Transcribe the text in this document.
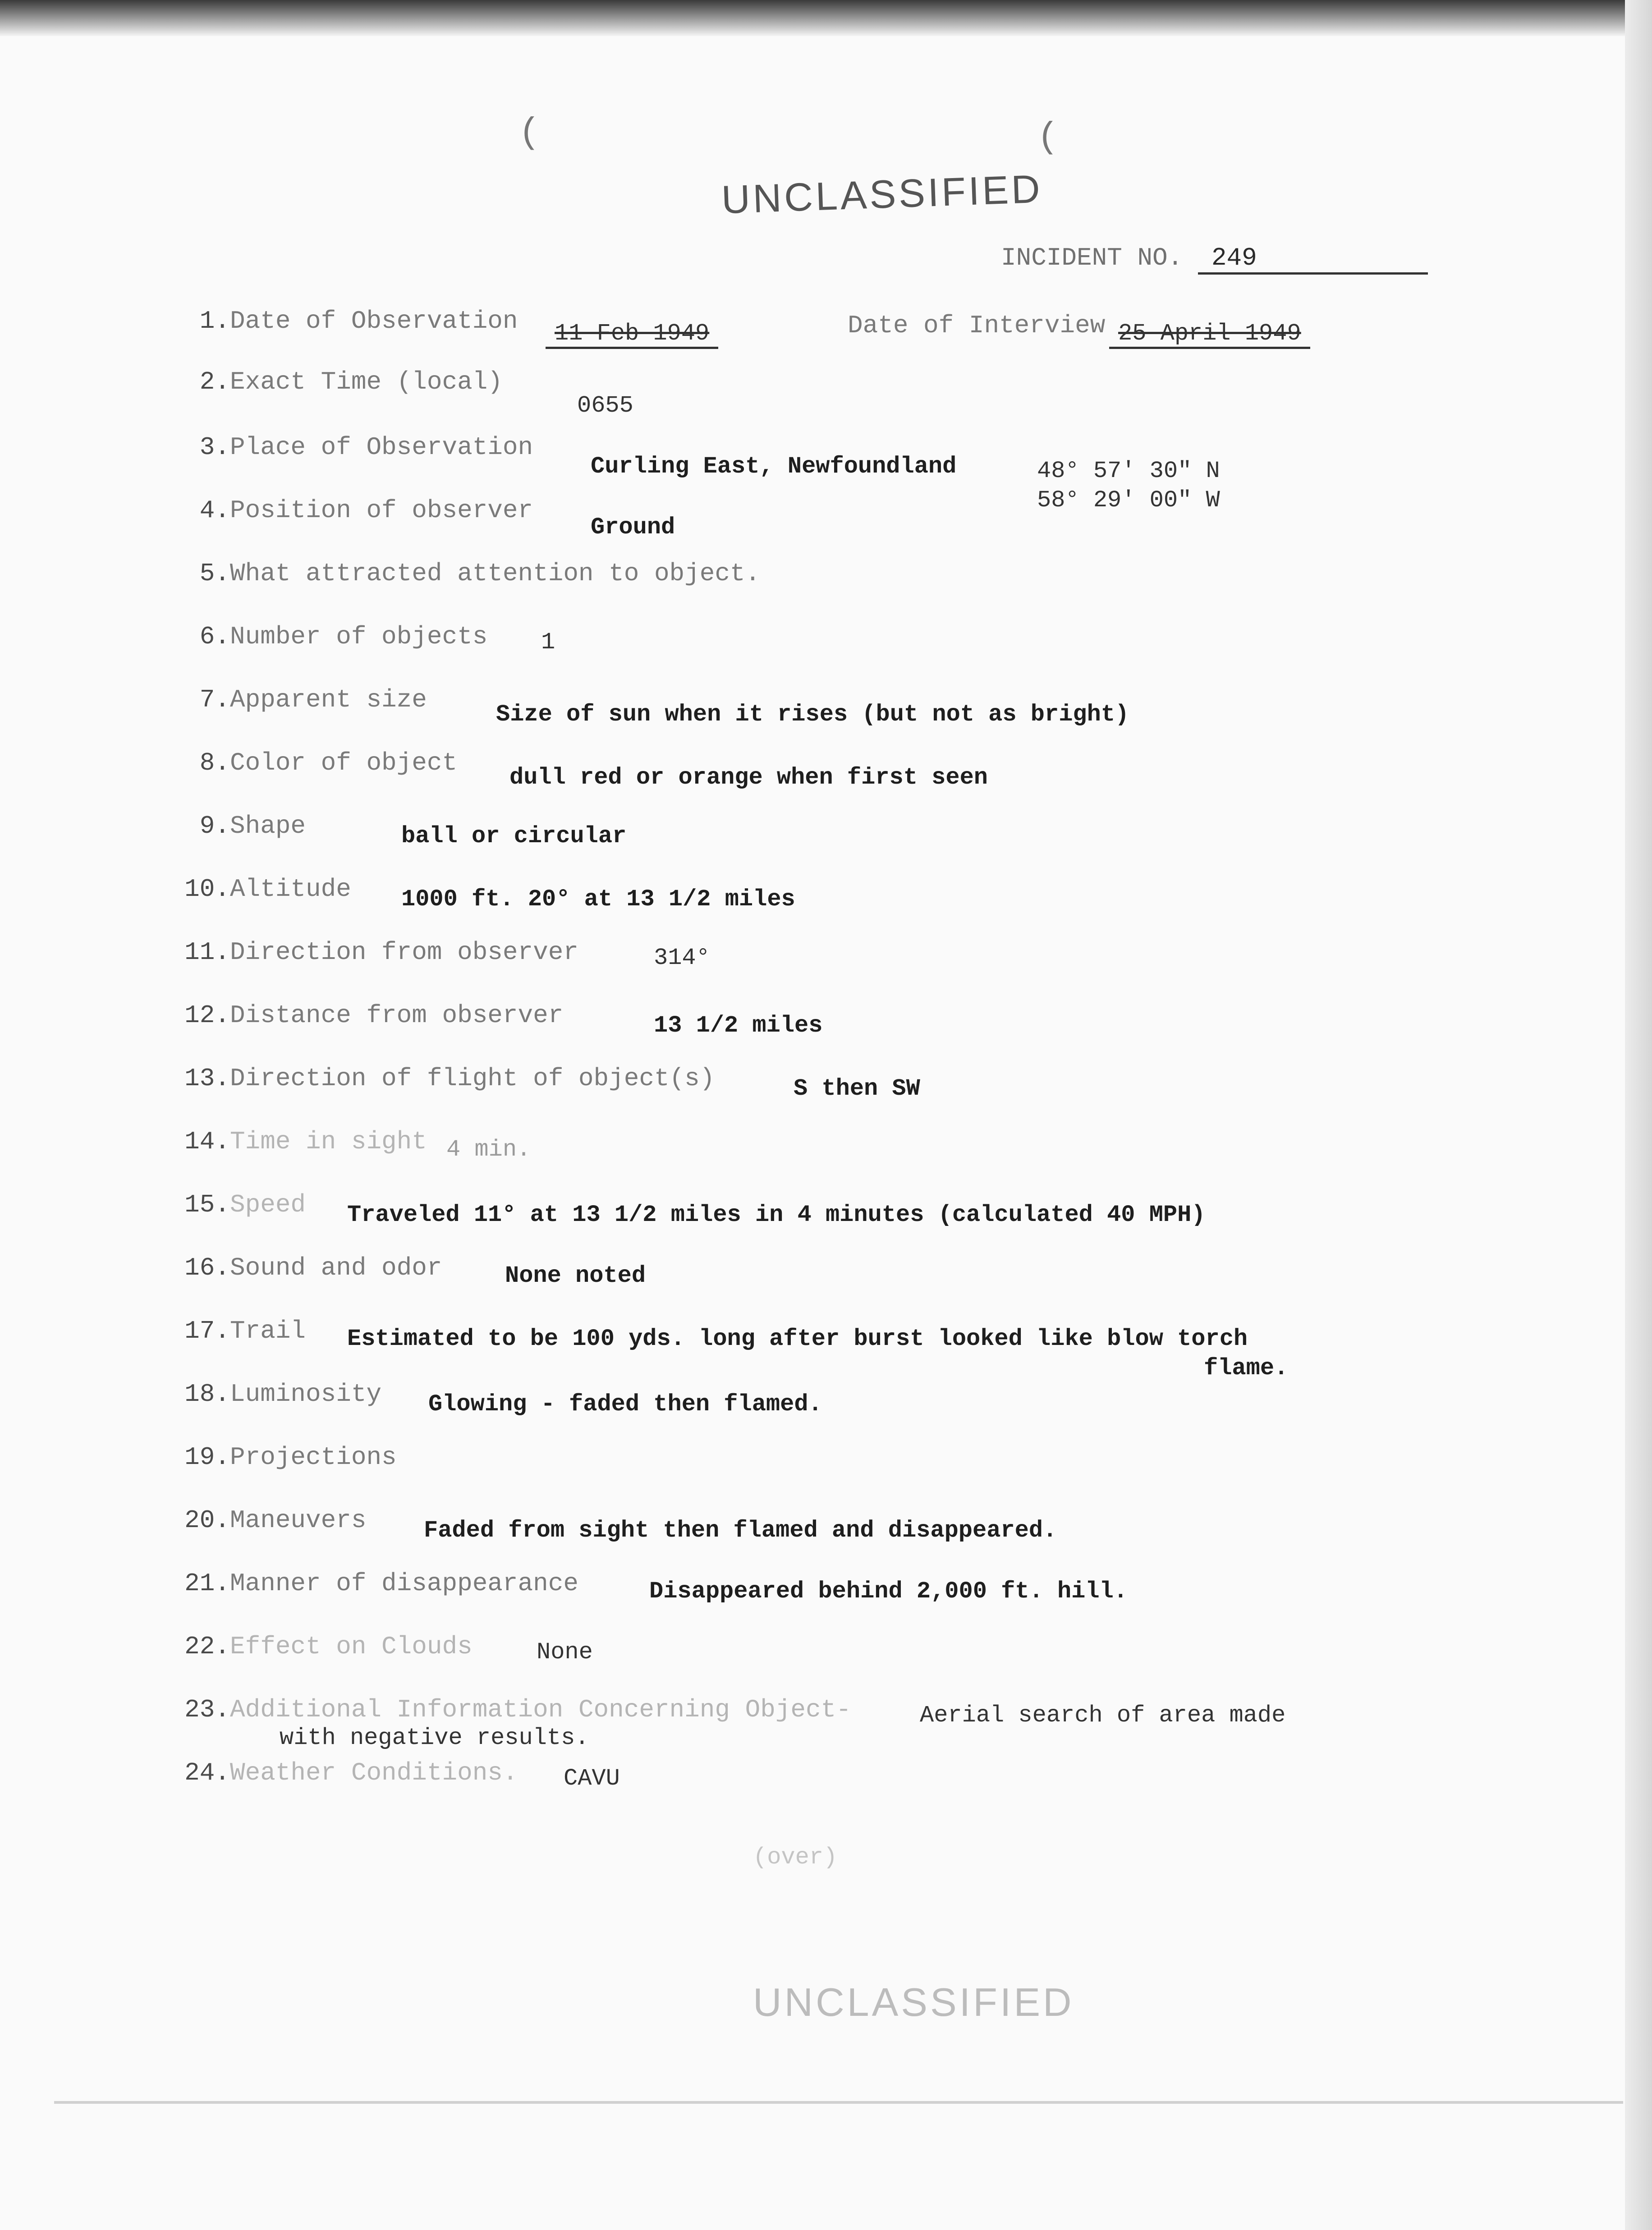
(	(
UNCLASSIFIED
INCIDENT NO. 249
1. Date of Observation	11 Feb 1949	Date of Interview 25 April 1949
2. Exact Time (local)
0655
3. Place of Observation
Curling East, Newfoundland	48° 57' 30" N
58° 29' 00" W
4. Position of observer
Ground
5. What attracted attention to object.
6. Number of objects 1
7. Apparent size
Size of sun when it rises (but not as bright)
8. Color of object
dull red or orange when first seen
9. Shape	ball or circular
10. Altitude 1000 ft. 20° at 13 1/2 miles
11. Direction from observer	314°
12. Distance from observer	13 1/2 miles
13. Direction of flight of object(s)	S then SW
14. Time in sight 4 min.
15. Speed Traveled 11° at 13 1/2 miles in 4 minutes (calculated 40 MPH)
16. Sound and odor	None noted
17. Trail Estimated to be 100 yds. long after burst looked like blow torch
flame.
18. Luminosity Glowing - faded then flamed.
19. Projections
20. Maneuvers Faded from sight then flamed and disappeared.
21. Manner of disappearance	Disappeared behind 2,000 ft. hill.
22. Effect on Clouds	None
23. Additional Information Concerning Object-	Aerial search of area made
with negative results.
24. Weather Conditions. CAVU
(over)
UNCLASSIFIED
